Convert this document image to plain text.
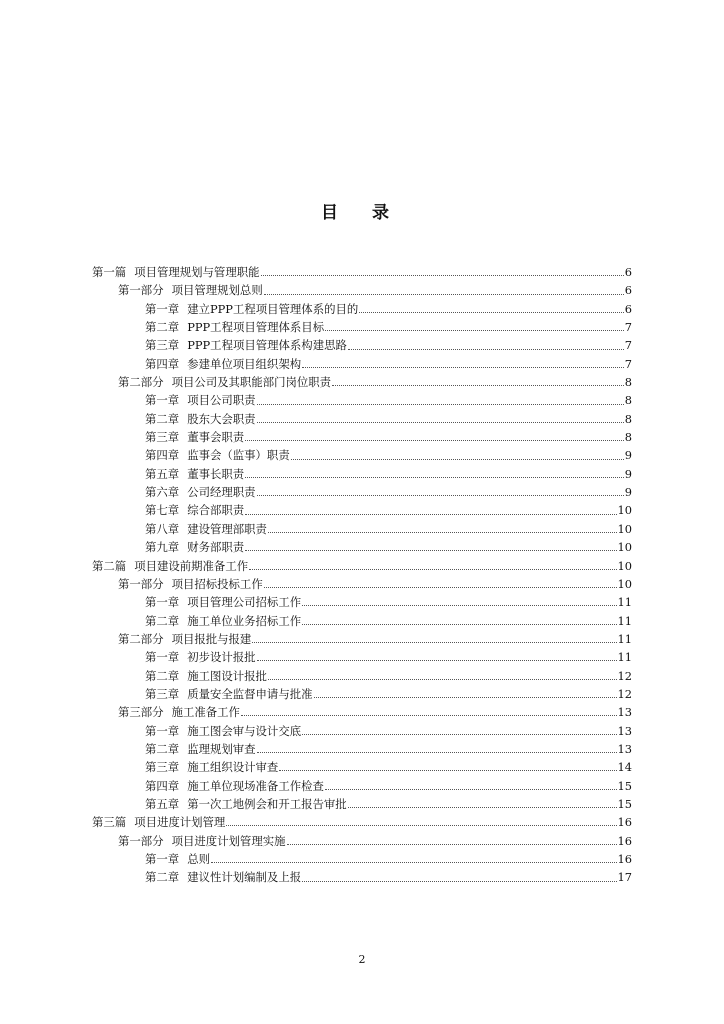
目 录
第一篇 项目管理规划与管理职能	6
第一部分 项目管理规划总则	6
第一章 建立PPP工程项目管理体系的目的	6
第二章 PPP工程项目管理体系目标	7
第三章 PPP工程项目管理体系构建思路	7
第四章 参建单位项目组织架构	7
第二部分 项目公司及其职能部门岗位职责	8
第一章 项目公司职责	8
第二章 股东大会职责	8
第三章 董事会职责	8
第四章 监事会（监事）职责	9
第五章 董事长职责	9
第六章 公司经理职责	9
第七章 综合部职责	10
第八章 建设管理部职责	10
第九章 财务部职责	10
第二篇 项目建设前期准备工作	10
第一部分 项目招标投标工作	10
第一章 项目管理公司招标工作	11
第二章 施工单位业务招标工作	11
第二部分 项目报批与报建	11
第一章 初步设计报批	11
第二章 施工图设计报批	12
第三章 质量安全监督申请与批准	12
第三部分 施工准备工作	13
第一章 施工图会审与设计交底	13
第二章 监理规划审查	13
第三章 施工组织设计审查	14
第四章 施工单位现场准备工作检查	15
第五章 第一次工地例会和开工报告审批	15
第三篇 项目进度计划管理	16
第一部分 项目进度计划管理实施	16
第一章 总则	16
第二章 建议性计划编制及上报	17
2
